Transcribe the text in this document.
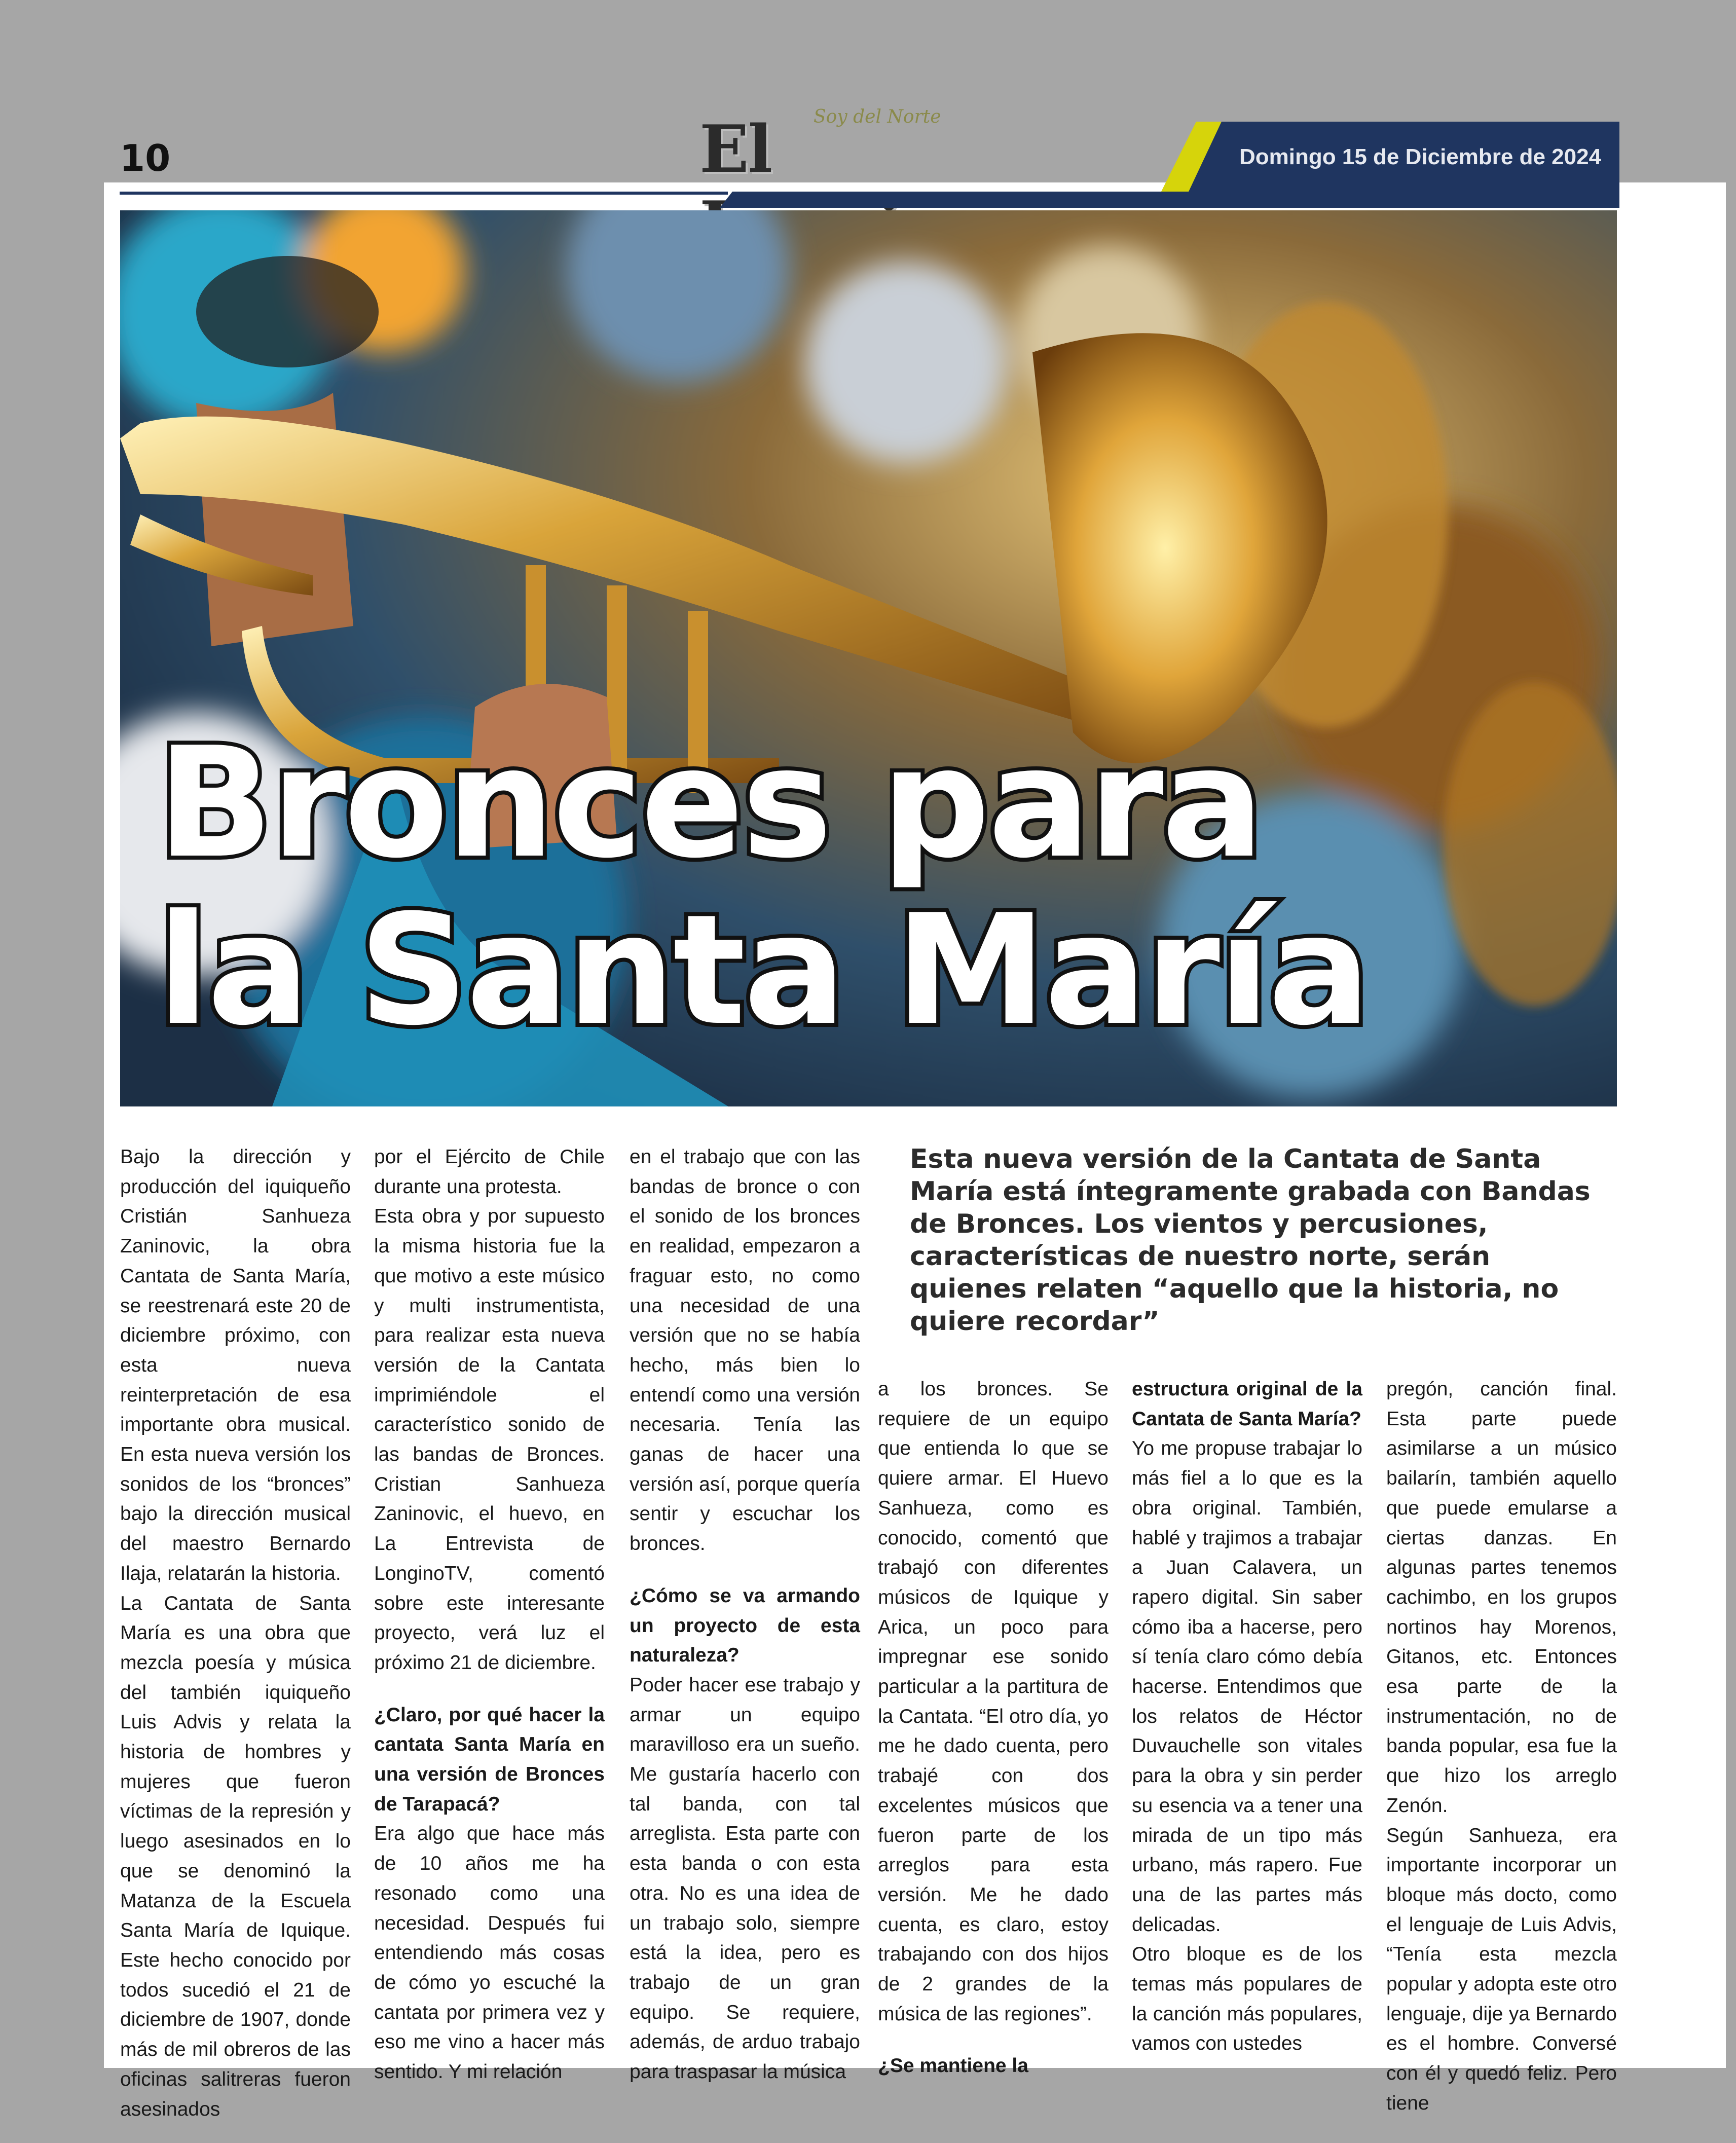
10
Soy del Norte
El	Domingo 15 de Diciembre de 2024
Bronces para
la Santa María
Esta nueva versión de la Cantata de Santa María está íntegramente grabada con Bandas de Bronces. Los vientos y percusiones, características de nuestro norte, serán quienes relaten “aquello que la historia, no quiere recordar”

Bajo la dirección y producción del iquiqueño Cristián Sanhueza Zaninovic, la obra Cantata de Santa María, se reestrenará este 20 de diciembre próximo, con esta nueva reinterpretación de esa importante obra musical. En esta nueva versión los sonidos de los “bronces” bajo la dirección musical del maestro Bernardo Ilaja, relatarán la historia.

La Cantata de Santa María es una obra que mezcla poesía y música del también iquiqueño Luis Advis y relata la historia de hombres y mujeres que fueron víctimas de la represión y luego asesinados en lo que se denominó la Matanza de la Escuela Santa María de Iquique. Este hecho conocido por todos sucedió el 21 de diciembre de 1907, donde más de mil obreros de las oficinas salitreras fueron asesinados

por el Ejército de Chile durante una protesta.

Esta obra y por supuesto la misma historia fue la que motivo a este músico y multi instrumentista, para realizar esta nueva versión de la Cantata imprimiéndole el característico sonido de las bandas de Bronces. Cristian Sanhueza Zaninovic, el huevo, en La Entrevista de LonginoTV, comentó sobre este interesante proyecto, verá luz el próximo 21 de diciembre.

¿Claro, por qué hacer la cantata Santa María en una versión de Bronces de Tarapacá?

Era algo que hace más de 10 años me ha resonado como una necesidad. Después fui entendiendo más cosas de cómo yo escuché la cantata por primera vez y eso me vino a hacer más sentido. Y mi relación

en el trabajo que con las bandas de bronce o con el sonido de los bronces en realidad, empezaron a fraguar esto, no como una necesidad de una versión que no se había hecho, más bien lo entendí como una versión necesaria. Tenía las ganas de hacer una versión así, porque quería sentir y escuchar los bronces.

¿Cómo se va armando un proyecto de esta naturaleza?

Poder hacer ese trabajo y armar un equipo maravilloso era un sueño. Me gustaría hacerlo con tal banda, con tal arreglista. Esta parte con esta banda o con esta otra. No es una idea de un trabajo solo, siempre está la idea, pero es trabajo de un gran equipo. Se requiere, además, de arduo trabajo para traspasar la música

a los bronces. Se requiere de un equipo que entienda lo que se quiere armar. El Huevo Sanhueza, como es conocido, comentó que trabajó con diferentes músicos de Iquique y Arica, un poco para impregnar ese sonido particular a la partitura de la Cantata. “El otro día, yo me he dado cuenta, pero trabajé con dos excelentes músicos que fueron parte de los arreglos para esta versión. Me he dado cuenta, es claro, estoy trabajando con dos hijos de 2 grandes de la música de las regiones”.

¿Se mantiene la

estructura original de la Cantata de Santa María?

Yo me propuse trabajar lo más fiel a lo que es la obra original. También, hablé y trajimos a trabajar a Juan Calavera, un rapero digital. Sin saber cómo iba a hacerse, pero sí tenía claro cómo debía hacerse. Entendimos que los relatos de Héctor Duvauchelle son vitales para la obra y sin perder su esencia va a tener una mirada de un tipo más urbano, más rapero. Fue una de las partes más delicadas.

Otro bloque es de los temas más populares de la canción más populares, vamos con ustedes

pregón, canción final. Esta parte puede asimilarse a un músico bailarín, también aquello que puede emularse a ciertas danzas. En algunas partes tenemos cachimbo, en los grupos nortinos hay Morenos, Gitanos, etc. Entonces esa parte de la instrumentación, no de banda popular, esa fue la que hizo los arreglo Zenón.

Según Sanhueza, era importante incorporar un bloque más docto, como el lenguaje de Luis Advis, “Tenía esta mezcla popular y adopta este otro lenguaje, dije ya Bernardo es el hombre. Conversé con él y quedó feliz. Pero tiene
